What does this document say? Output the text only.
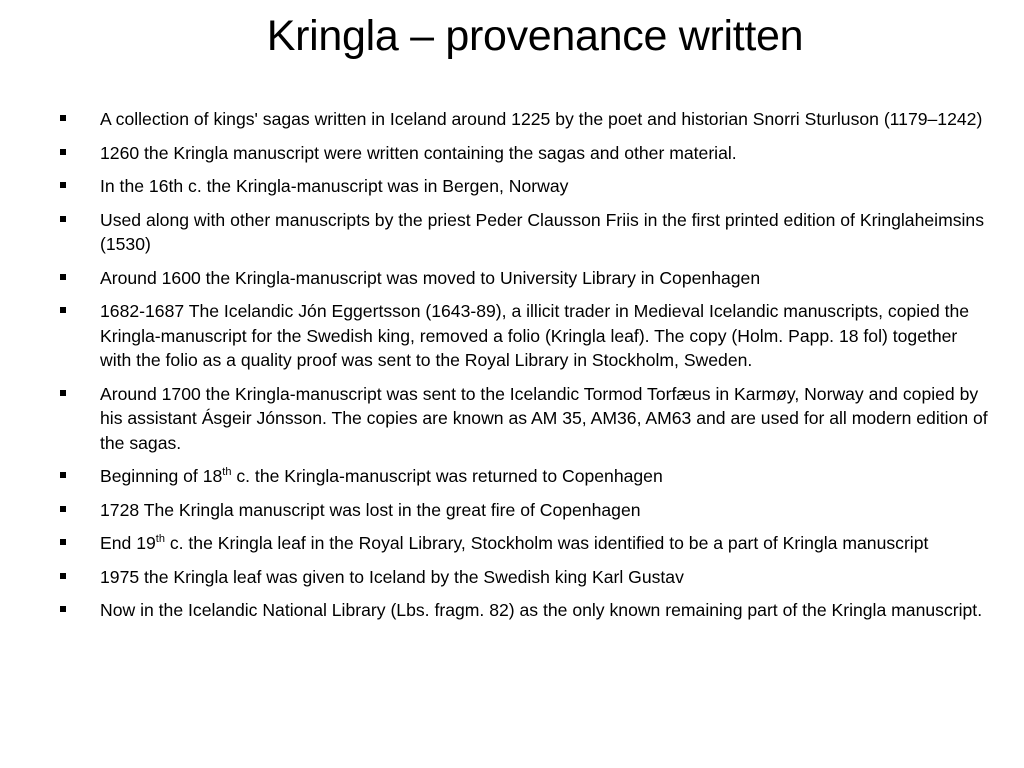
Kringla – provenance written
A collection of kings' sagas written in Iceland around 1225 by the poet and historian Snorri Sturluson (1179–1242)
1260 the Kringla manuscript were written containing the sagas and other material.
In the 16th c. the Kringla-manuscript was in Bergen, Norway
Used along with other manuscripts by the priest Peder Clausson Friis in the first printed edition of Kringlaheimsins (1530)
Around 1600 the Kringla-manuscript was moved to University Library in Copenhagen
1682-1687 The Icelandic Jón Eggertsson (1643-89), a illicit trader in Medieval Icelandic manuscripts, copied the Kringla-manuscript for the Swedish king, removed a folio (Kringla leaf). The copy (Holm. Papp. 18 fol) together with the folio as a quality proof was sent to the Royal Library in Stockholm, Sweden.
Around 1700 the Kringla-manuscript was sent to the Icelandic Tormod Torfæus in Karmøy, Norway and copied by his assistant Ásgeir Jónsson. The copies are known as AM 35, AM36, AM63 and are used for all modern edition of the sagas.
Beginning of 18th c. the Kringla-manuscript was returned to Copenhagen
1728 The Kringla manuscript was lost in the great fire of Copenhagen
End 19th c. the Kringla leaf in the Royal Library, Stockholm was identified to be a part of Kringla manuscript
1975 the Kringla leaf was given to Iceland by the Swedish king Karl Gustav
Now in the Icelandic National Library (Lbs. fragm. 82) as the only known remaining part of the Kringla manuscript.
